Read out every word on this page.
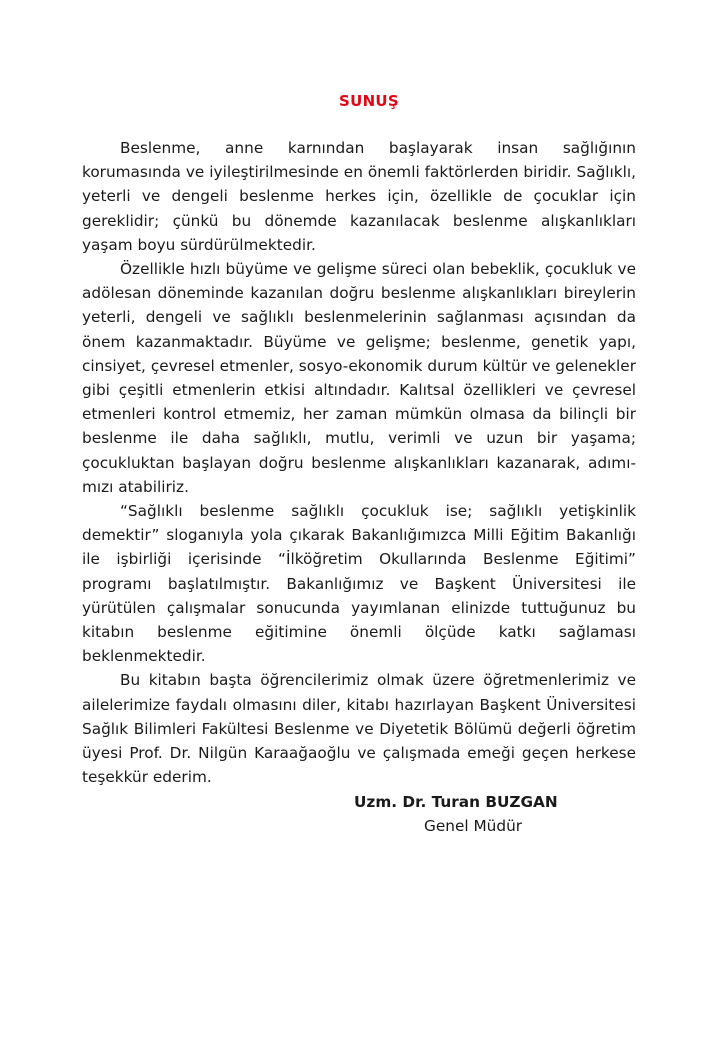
SUNUŞ

Beslenme, anne karnından başlayarak insan sağlığının korumasında ve iyileştirilmesinde en önemli faktörlerden biridir. Sağlıklı, yeterli ve dengeli beslenme herkes için, özellikle de çocuklar için gereklidir; çünkü bu dönemde kazanılacak beslenme alışkanlıkları yaşam boyu sürdürülmektedir.

Özellikle hızlı büyüme ve gelişme süreci olan bebeklik, çocukluk ve adölesan döneminde kazanılan doğru beslenme alışkanlıkları bireylerin yeterli, dengeli ve sağlıklı beslenmelerinin sağlanması açısından da önem kazanmaktadır. Büyüme ve gelişme; beslenme, genetik yapı, cinsiyet, çevresel etmenler, sosyo-ekonomik durum kültür ve gelenekler gibi çeşitli etmenlerin etkisi altındadır. Kalıtsal özellikleri ve çevresel etmenleri kontrol etmemiz, her zaman mümkün olmasa da bilinçli bir beslenme ile daha sağlıklı, mutlu, verimli ve uzun bir yaşama; çocukluktan başlayan doğru beslenme alışkanlıkları kazanarak, adımımızı atabiliriz.

“Sağlıklı beslenme sağlıklı çocukluk ise; sağlıklı yetişkinlik demektir” sloganıyla yola çıkarak Bakanlığımızca Milli Eğitim Bakanlığı ile işbirliği içerisinde “İlköğretim Okullarında Beslenme Eğitimi” programı başlatılmıştır. Bakanlığımız ve Başkent Üniversitesi ile yürütülen çalışmalar sonucunda yayımlanan elinizde tuttuğunuz bu kitabın beslenme eğitimine önemli ölçüde katkı sağlaması beklenmektedir.

Bu kitabın başta öğrencilerimiz olmak üzere öğretmenlerimiz ve ailelerimize faydalı olmasını diler, kitabı hazırlayan Başkent Üniversitesi Sağlık Bilimleri Fakültesi Beslenme ve Diyetetik Bölümü değerli öğretim üyesi Prof. Dr. Nilgün Karaağaoğlu ve çalışmada emeği geçen herkese teşekkür ederim.

Uzm. Dr. Turan BUZGAN
Genel Müdür
